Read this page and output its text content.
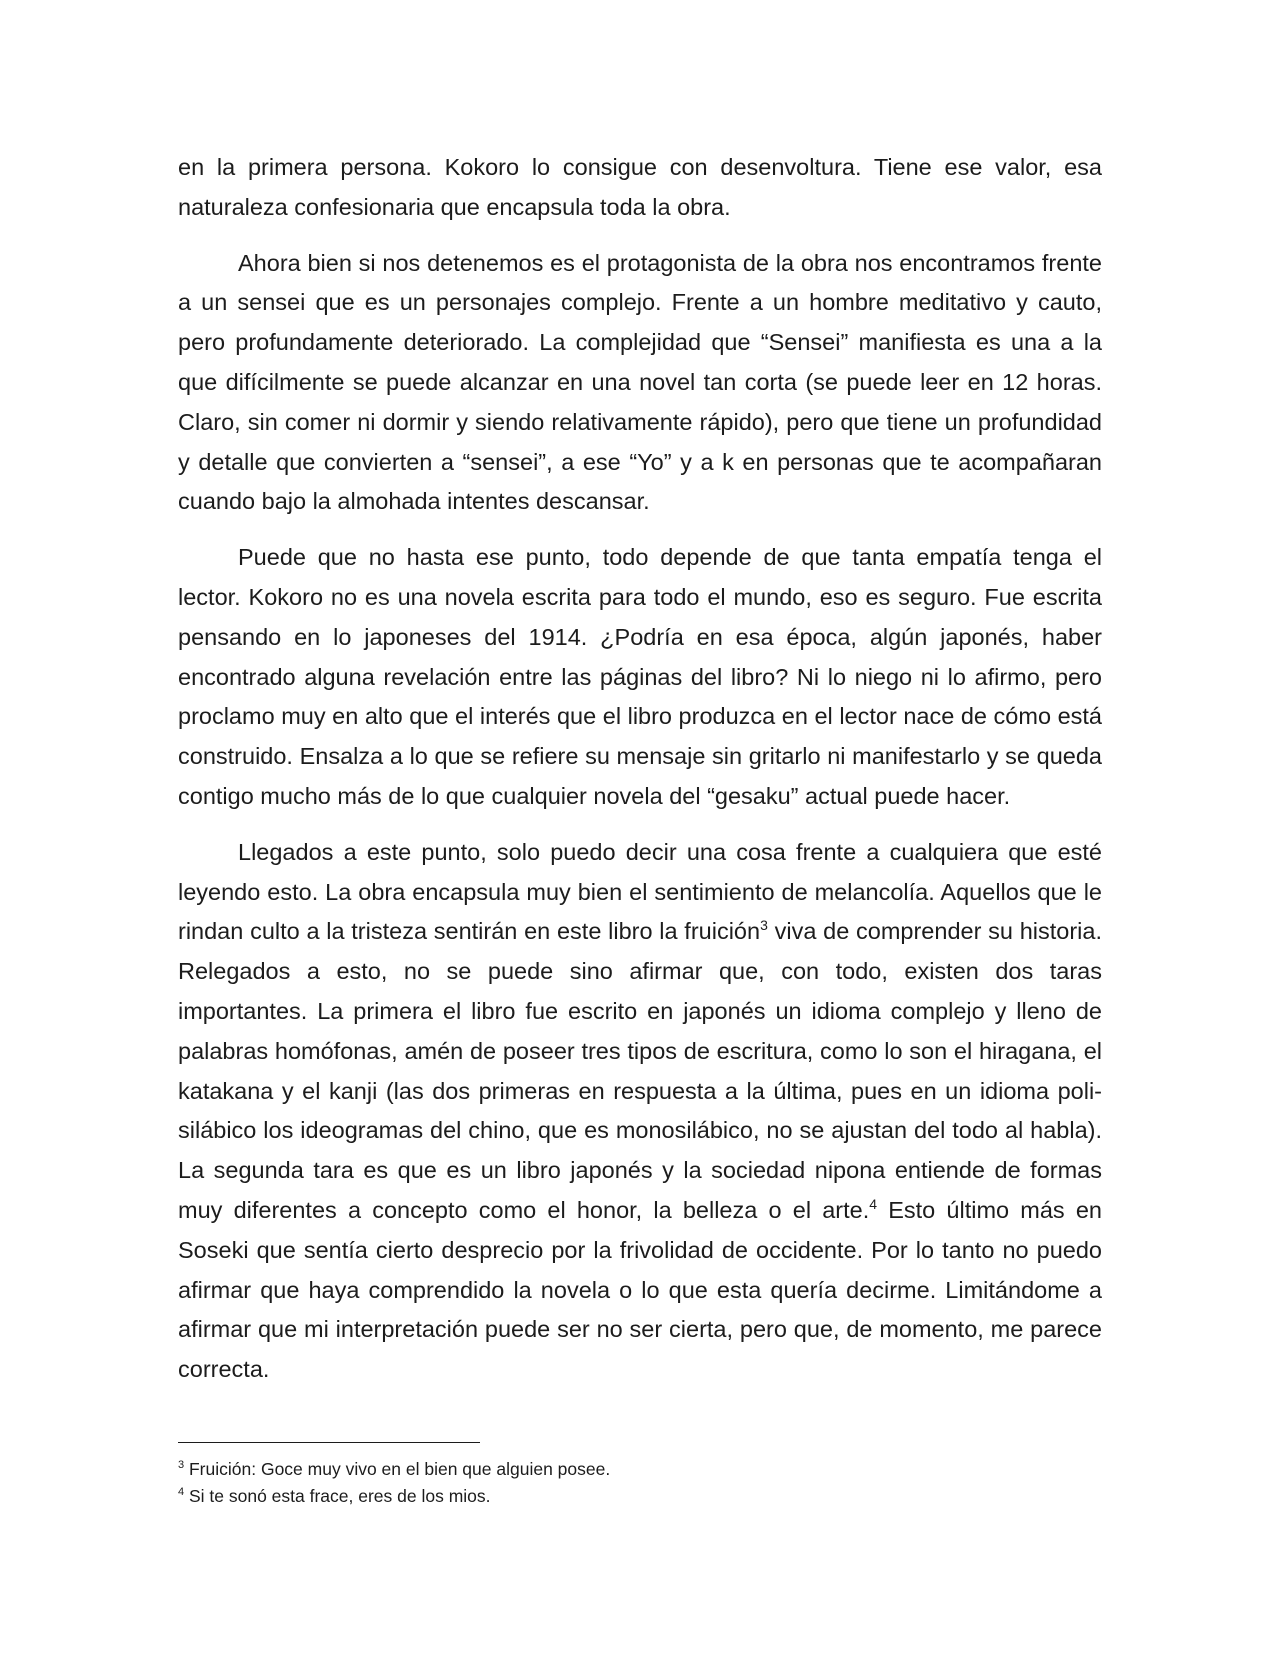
en la primera persona. Kokoro lo consigue con desenvoltura. Tiene ese valor, esa naturaleza confesionaria que encapsula toda la obra.

Ahora bien si nos detenemos es el protagonista de la obra nos encontramos frente a un sensei que es un personajes complejo. Frente a un hombre meditativo y cauto, pero profundamente deteriorado. La complejidad que “Sensei” manifiesta es una a la que difícilmente se puede alcanzar en una novel tan corta (se puede leer en 12 horas. Claro, sin comer ni dormir y siendo relativamente rápido), pero que tiene un profundidad y detalle que convierten a “sensei”, a ese “Yo” y a k en personas que te acompañaran cuando bajo la almohada intentes descansar.

Puede que no hasta ese punto, todo depende de que tanta empatía tenga el lector. Kokoro no es una novela escrita para todo el mundo, eso es seguro. Fue escrita pensando en lo japoneses del 1914. ¿Podría en esa época, algún japonés, haber encontrado alguna revelación entre las páginas del libro? Ni lo niego ni lo afirmo, pero proclamo muy en alto que el interés que el libro produzca en el lector nace de cómo está construido. Ensalza a lo que se refiere su mensaje sin gritarlo ni manifestarlo y se queda contigo mucho más de lo que cualquier novela del “gesaku” actual puede hacer.

Llegados a este punto, solo puedo decir una cosa frente a cualquiera que esté leyendo esto. La obra encapsula muy bien el sentimiento de melancolía. Aquellos que le rindan culto a la tristeza sentirán en este libro la fruición$^3$ viva de comprender su historia. Relegados a esto, no se puede sino afirmar que, con todo, existen dos taras importantes. La primera el libro fue escrito en japonés un idioma complejo y lleno de palabras homófonas, amén de poseer tres tipos de escritura, como lo son el hiragana, el katakana y el kanji (las dos primeras en respuesta a la última, pues en un idioma poli-silábico los ideogramas del chino, que es monosilábico, no se ajustan del todo al habla). La segunda tara es que es un libro japonés y la sociedad nipona entiende de formas muy diferentes a concepto como el honor, la belleza o el arte.$^4$ Esto último más en Soseki que sentía cierto desprecio por la frivolidad de occidente. Por lo tanto no puedo afirmar que haya comprendido la novela o lo que esta quería decirme. Limitándome a afirmar que mi interpretación puede ser no ser cierta, pero que, de momento, me parece correcta.

$^3$ Fruición: Goce muy vivo en el bien que alguien posee.

$^4$ Si te sonó esta frace, eres de los mios.
